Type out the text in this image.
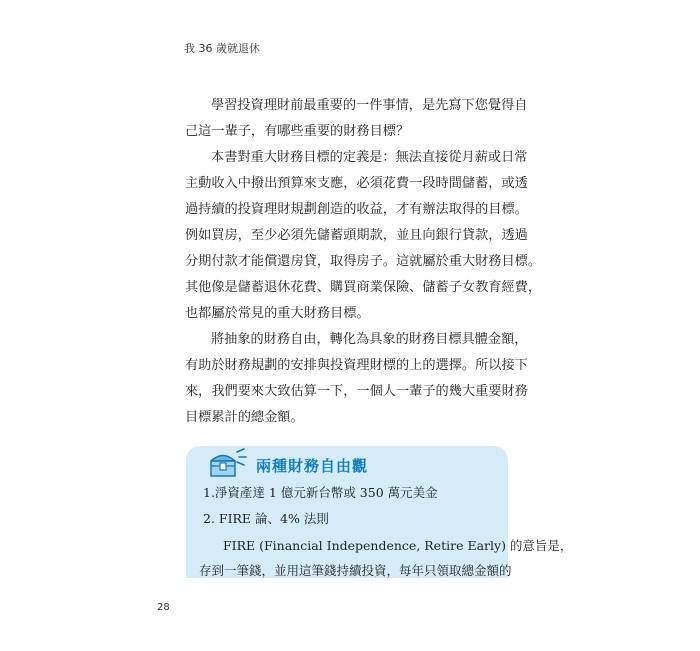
我 36 歲就退休

學習投資理財前最重要的一件事情，是先寫下您覺得自

己這一輩子，有哪些重要的財務目標？

本書對重大財務目標的定義是：無法直接從月薪或日常

主動收入中撥出預算來支應，必須花費一段時間儲蓄，或透

過持續的投資理財規劃創造的收益，才有辦法取得的目標。

例如買房，至少必須先儲蓄頭期款，並且向銀行貸款，透過

分期付款才能償還房貸，取得房子。這就屬於重大財務目標。

其他像是儲蓄退休花費、購買商業保險、儲蓄子女教育經費，

也都屬於常見的重大財務目標。

將抽象的財務自由，轉化為具象的財務目標具體金額，

有助於財務規劃的安排與投資理財標的上的選擇。所以接下

來，我們要來大致估算一下，一個人一輩子的幾大重要財務

目標累計的總金額。

兩種財務自由觀
1.淨資產達 1 億元新台幣或 350 萬元美金
2. FIRE 論、4% 法則
FIRE (Financial Independence, Retire Early) 的意旨是，
存到一筆錢，並用這筆錢持續投資，每年只領取總金額的
28
